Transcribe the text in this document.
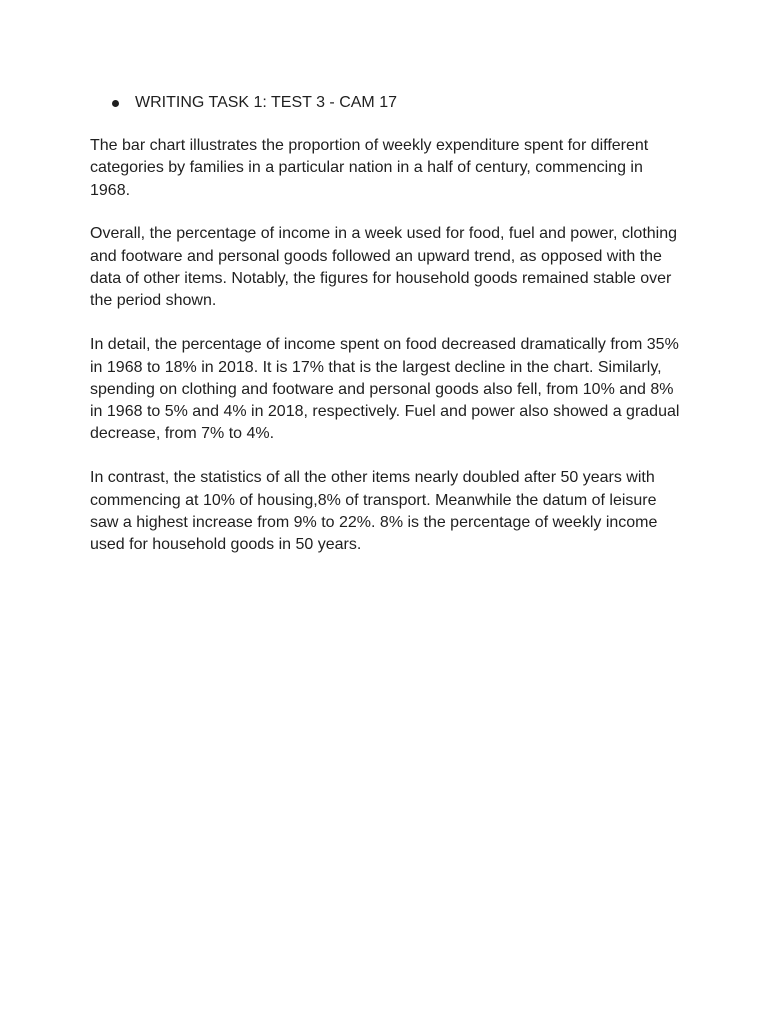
WRITING TASK 1: TEST 3 - CAM 17

The bar chart illustrates the proportion of weekly expenditure spent for different categories by families in a particular nation in a half of century, commencing in 1968.

Overall, the percentage of income in a week used for food, fuel and power, clothing and footware and personal goods followed an upward trend, as opposed with the data of other items. Notably, the figures for household goods remained stable over the period shown.

In detail, the percentage of income spent on food decreased dramatically from 35% in 1968 to 18% in 2018. It is 17% that is the largest decline in the chart. Similarly, spending on clothing and footware and personal goods also fell, from 10% and 8% in 1968 to 5% and 4% in 2018, respectively. Fuel and power also showed a gradual decrease, from 7% to 4%.

In contrast, the statistics of all the other items nearly doubled after 50 years with commencing at 10% of housing,8% of transport. Meanwhile the datum of leisure saw a highest increase from 9% to 22%. 8% is the percentage of weekly income used for household goods in 50 years.
